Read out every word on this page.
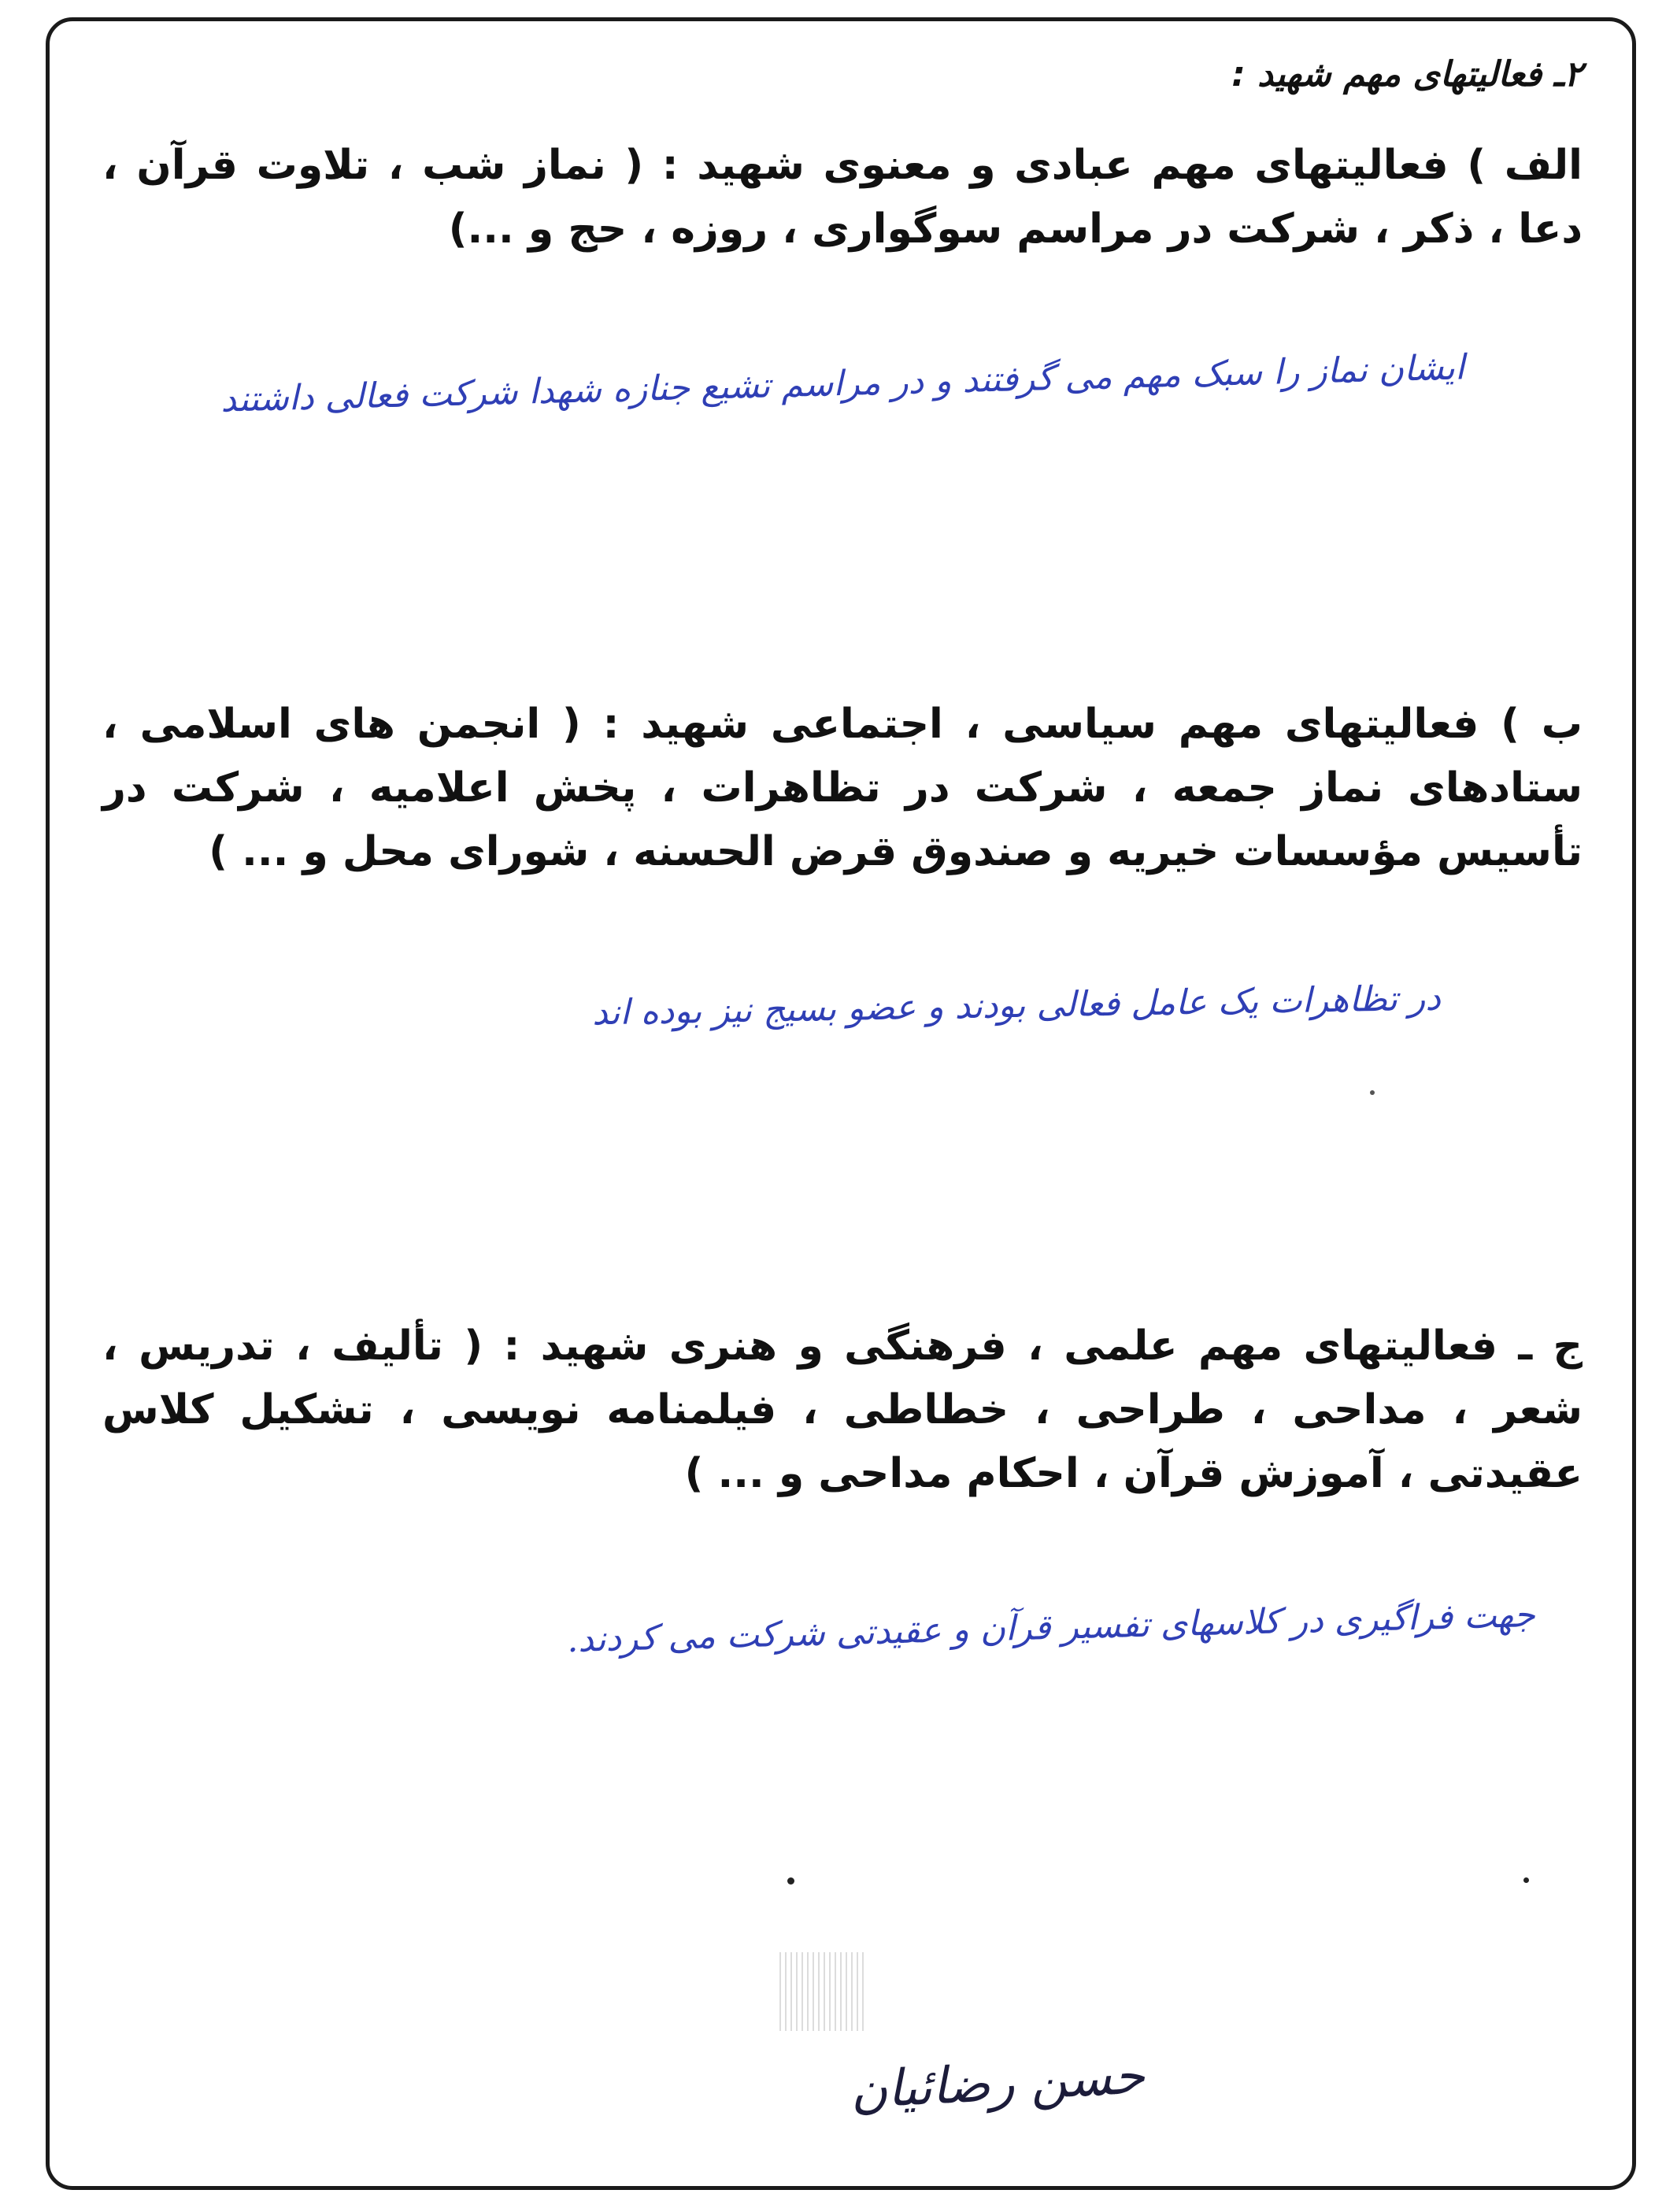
۲ـ فعالیتهای مهم شهید :

الف ) فعالیتهای مهم عبادی و معنوی شهید : ( نماز شب ، تلاوت قرآن ، دعا ، ذکر ، شرکت در مراسم سوگواری ، روزه ، حج و ...)

ایشان نماز را سبک مهم می گرفتند و در مراسم تشیع جنازه شهدا شرکت فعالی داشتند

ب ) فعالیتهای مهم سیاسی ، اجتماعی شهید : ( انجمن های اسلامی ، ستادهای نماز جمعه ، شرکت در تظاهرات ، پخش اعلامیه ، شرکت در تأسیس مؤسسات خیریه و صندوق قرض الحسنه ، شورای محل و ... )

در تظاهرات یک عامل فعالی بودند و عضو بسیج نیز بوده اند

ج ـ فعالیتهای مهم علمی ، فرهنگی و هنری شهید : ( تألیف ، تدریس ، شعر ، مداحی ، طراحی ، خطاطی ، فیلمنامه نویسی ، تشکیل کلاس عقیدتی ، آموزش قرآن ، احکام مداحی و ... )

جهت فراگیری در کلاسهای تفسیر قرآن و عقیدتی شرکت می کردند.

حسن رضائیان
